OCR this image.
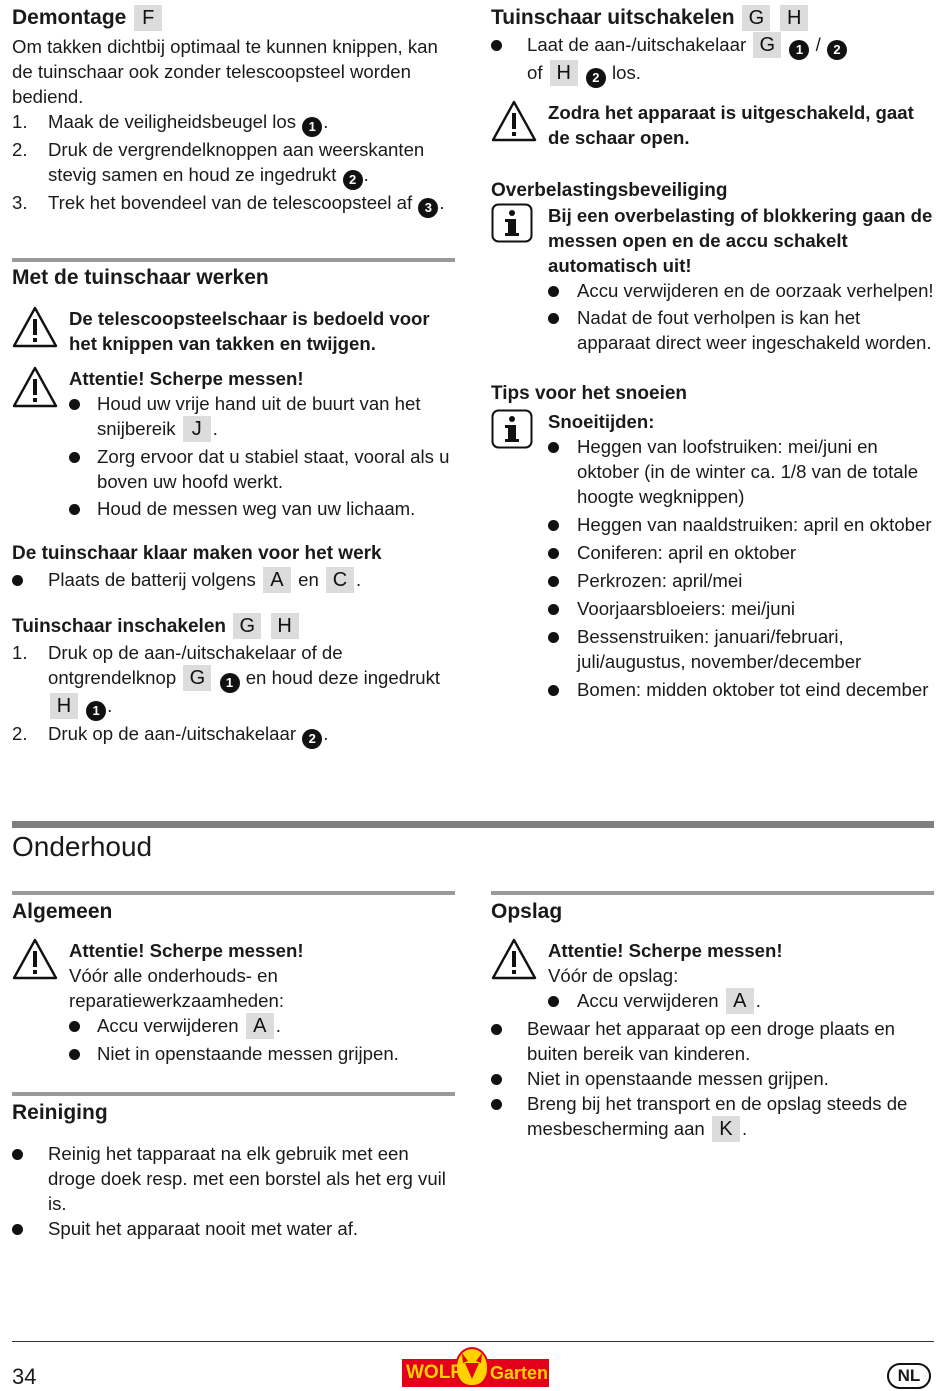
Demontage F
Om takken dichtbij optimaal te kunnen knippen, kan de tuinschaar ook zonder telescoopsteel worden bediend.
1. Maak de veiligheidsbeugel los 1 .
2. Druk de vergrendelknoppen aan weerskanten stevig samen en houd ze ingedrukt 2 .
3. Trek het bovendeel van de telescoopsteel af 3 .
Met de tuinschaar werken
De telescoopsteelschaar is bedoeld voor het knippen van takken en twijgen.
Attentie! Scherpe messen!
Houd uw vrije hand uit de buurt van het snijbereik J .
Zorg ervoor dat u stabiel staat, vooral als u boven uw hoofd werkt.
Houd de messen weg van uw lichaam.
De tuinschaar klaar maken voor het werk
Plaats de batterij volgens A en C .
Tuinschaar inschakelen G H
1. Druk op de aan-/uitschakelaar of de ontgrendelknop G 1 en houd deze ingedrukt H 1 .
2. Druk op de aan-/uitschakelaar 2 .
Tuinschaar uitschakelen G H
Laat de aan-/uitschakelaar G 1 / 2
of H 2 los.
Zodra het apparaat is uitgeschakeld, gaat de schaar open.
Overbelastingsbeveiliging
Bij een overbelasting of blokkering gaan de messen open en de accu schakelt automatisch uit!
Accu verwijderen en de oorzaak verhelpen!
Nadat de fout verholpen is kan het apparaat direct weer ingeschakeld worden.
Tips voor het snoeien
Snoeitijden:
Heggen van loofstruiken: mei/juni en oktober (in de winter ca. 1/8 van de totale hoogte wegknippen)
Heggen van naaldstruiken: april en oktober
Coniferen: april en oktober
Perkrozen: april/mei
Voorjaarsbloeiers: mei/juni
Bessenstruiken: januari/februari, juli/augustus, november/december
Bomen: midden oktober tot eind december
Onderhoud
Algemeen
Attentie! Scherpe messen!
Vóór alle onderhouds- en reparatiewerkzaamheden:
Accu verwijderen A .
Niet in openstaande messen grijpen.
Reiniging
Reinig het tapparaat na elk gebruik met een droge doek resp. met een borstel als het erg vuil is.
Spuit het apparaat nooit met water af.
Opslag
Attentie! Scherpe messen!
Vóór de opslag:
Accu verwijderen A .
Bewaar het apparaat op een droge plaats en buiten bereik van kinderen.
Niet in openstaande messen grijpen.
Breng bij het transport en de opslag steeds de mesbescherming aan K .
34	WOLF Garten	NL
